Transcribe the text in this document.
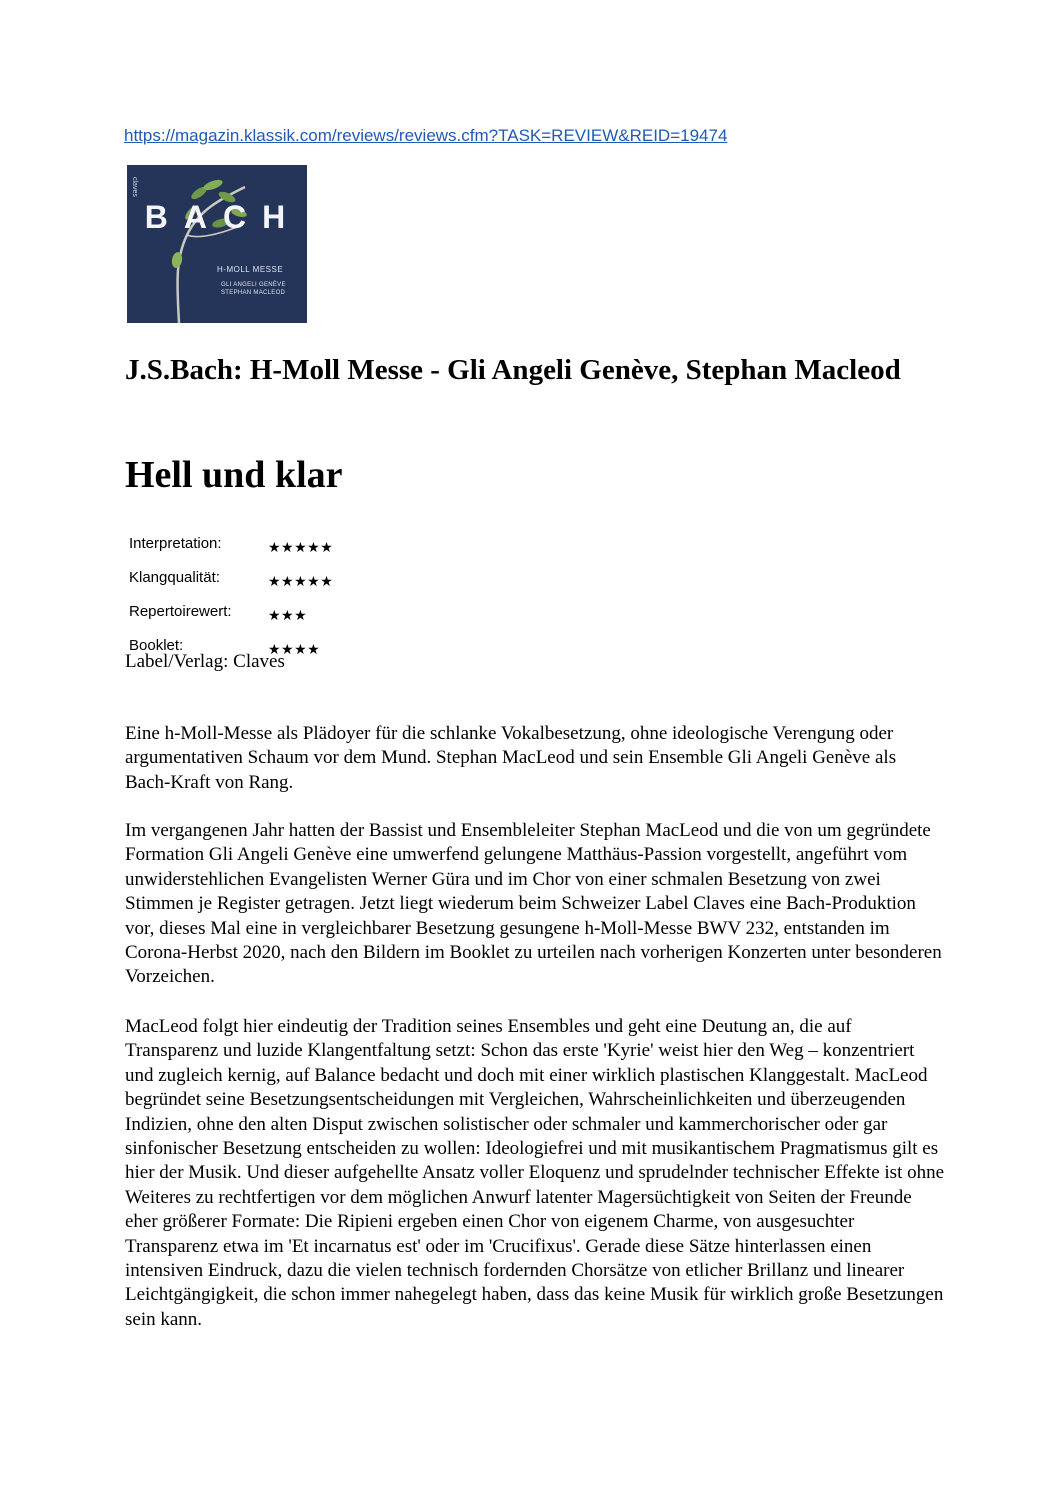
https://magazin.klassik.com/reviews/reviews.cfm?TASK=REVIEW&REID=19474
claves
BACH
H-MOLL MESSE
GLI ANGELI GENÈVE
STEPHAN MACLEOD
J.S.Bach: H-Moll Messe - Gli Angeli Genève, Stephan Macleod
Hell und klar
Interpretation:	★★★★★
Klangqualität:	★★★★★
Repertoirewert:	★★★
Booklet:	★★★★
Label/Verlag: Claves

Eine h-Moll-Messe als Plädoyer für die schlanke Vokalbesetzung, ohne ideologische Verengung oder argumentativen Schaum vor dem Mund. Stephan MacLeod und sein Ensemble Gli Angeli Genève als Bach-Kraft von Rang.

Im vergangenen Jahr hatten der Bassist und Ensembleleiter Stephan MacLeod und die von um gegründete Formation Gli Angeli Genève eine umwerfend gelungene Matthäus-Passion vorgestellt, angeführt vom unwiderstehlichen Evangelisten Werner Güra und im Chor von einer schmalen Besetzung von zwei Stimmen je Register getragen. Jetzt liegt wiederum beim Schweizer Label Claves eine Bach-Produktion vor, dieses Mal eine in vergleichbarer Besetzung gesungene h-Moll-Messe BWV 232, entstanden im Corona-Herbst 2020, nach den Bildern im Booklet zu urteilen nach vorherigen Konzerten unter besonderen Vorzeichen.

MacLeod folgt hier eindeutig der Tradition seines Ensembles und geht eine Deutung an, die auf Transparenz und luzide Klangentfaltung setzt: Schon das erste 'Kyrie' weist hier den Weg – konzentriert und zugleich kernig, auf Balance bedacht und doch mit einer wirklich plastischen Klanggestalt. MacLeod begründet seine Besetzungsentscheidungen mit Vergleichen, Wahrscheinlichkeiten und überzeugenden Indizien, ohne den alten Disput zwischen solistischer oder schmaler und kammerchorischer oder gar sinfonischer Besetzung entscheiden zu wollen: Ideologiefrei und mit musikantischem Pragmatismus gilt es hier der Musik. Und dieser aufgehellte Ansatz voller Eloquenz und sprudelnder technischer Effekte ist ohne Weiteres zu rechtfertigen vor dem möglichen Anwurf latenter Magersüchtigkeit von Seiten der Freunde eher größerer Formate: Die Ripieni ergeben einen Chor von eigenem Charme, von ausgesuchter Transparenz etwa im 'Et incarnatus est' oder im 'Crucifixus'. Gerade diese Sätze hinterlassen einen intensiven Eindruck, dazu die vielen technisch fordernden Chorsätze von etlicher Brillanz und linearer Leichtgängigkeit, die schon immer nahegelegt haben, dass das keine Musik für wirklich große Besetzungen sein kann.
